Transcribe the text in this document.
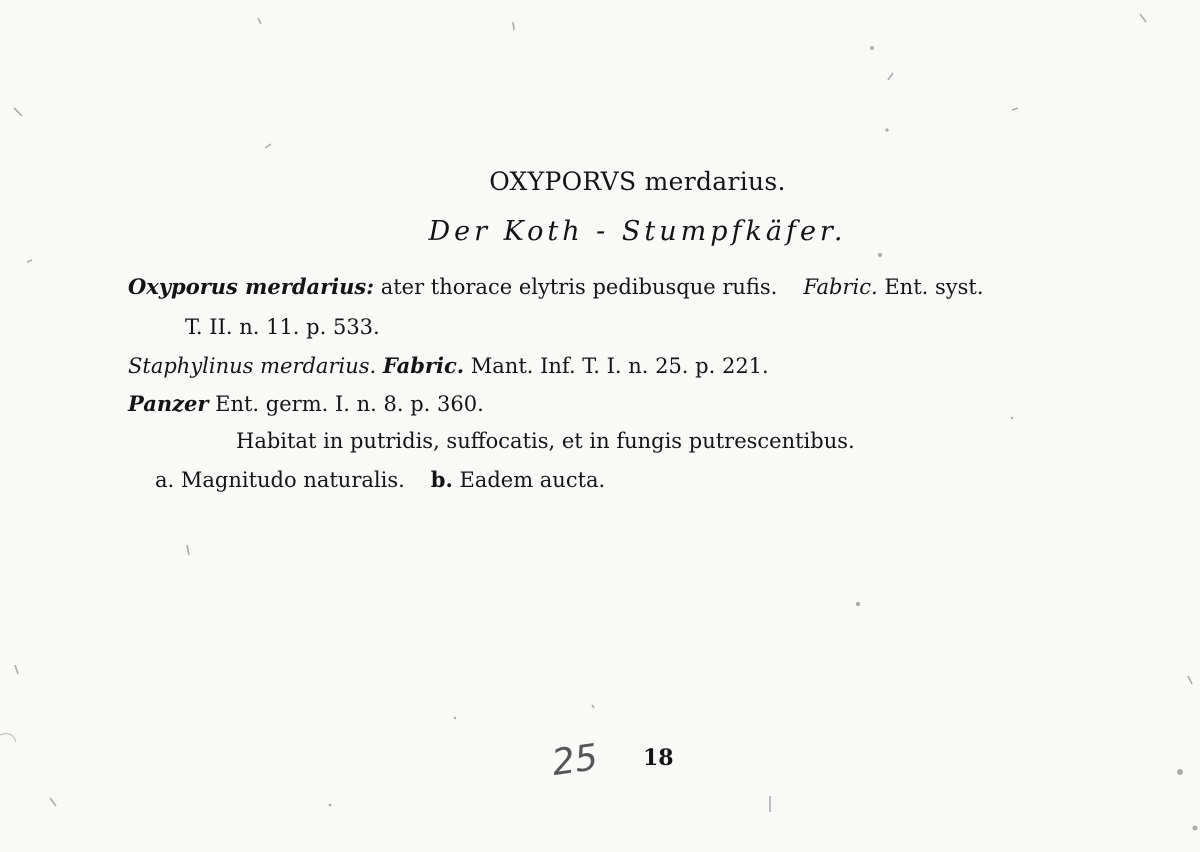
OXYPORVS merdarius.
Der Koth - Stumpfkäfer.
Oxyporus merdarius: ater thorace elytris pedibusque rufis. Fabric. Ent. syst.
T. II. n. 11. p. 533.
Staphylinus merdarius. Fabric. Mant. Inf. T. I. n. 25. p. 221.
Panzer Ent. germ. I. n. 8. p. 360.
Habitat in putridis, suffocatis, et in fungis putrescentibus.
a. Magnitudo naturalis. b. Eadem aucta.
25 18
